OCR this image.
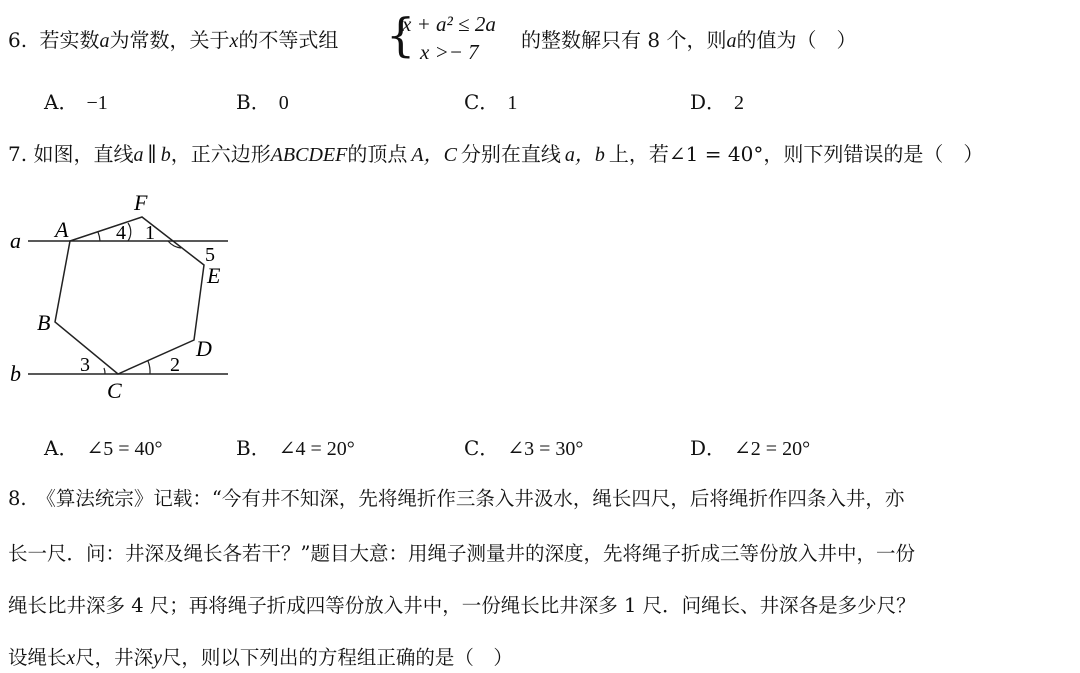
6. 若实数a为常数，关于x的不等式组 {
x + a² ≤ 2a
x >− 7 的整数解只有 8 个，则a的值为（　）
A． −1	B． 0	C． 1	D． 2
7. 如图，直线a ∥ b，正六边形ABCDEF的顶点 A，C 分别在直线 a，b 上，若∠1 = 40°，则下列错误的是（　）
a
b
A
F
E
D
C
B
4 1
5
3	2
A． ∠5 = 40°	B． ∠4 = 20°	C． ∠3 = 30°	D． ∠2 = 20°
8.　《算法统宗》记载：“今有井不知深，先将绳折作三条入井汲水，绳长四尺，后将绳折作四条入井，亦
长一尺．问：井深及绳长各若干？”题目大意：用绳子测量井的深度，先将绳子折成三等份放入井中，一份
绳长比井深多 4 尺；再将绳子折成四等份放入井中，一份绳长比井深多 1 尺．问绳长、井深各是多少尺？
设绳长x尺，井深y尺，则以下列出的方程组正确的是（　）
